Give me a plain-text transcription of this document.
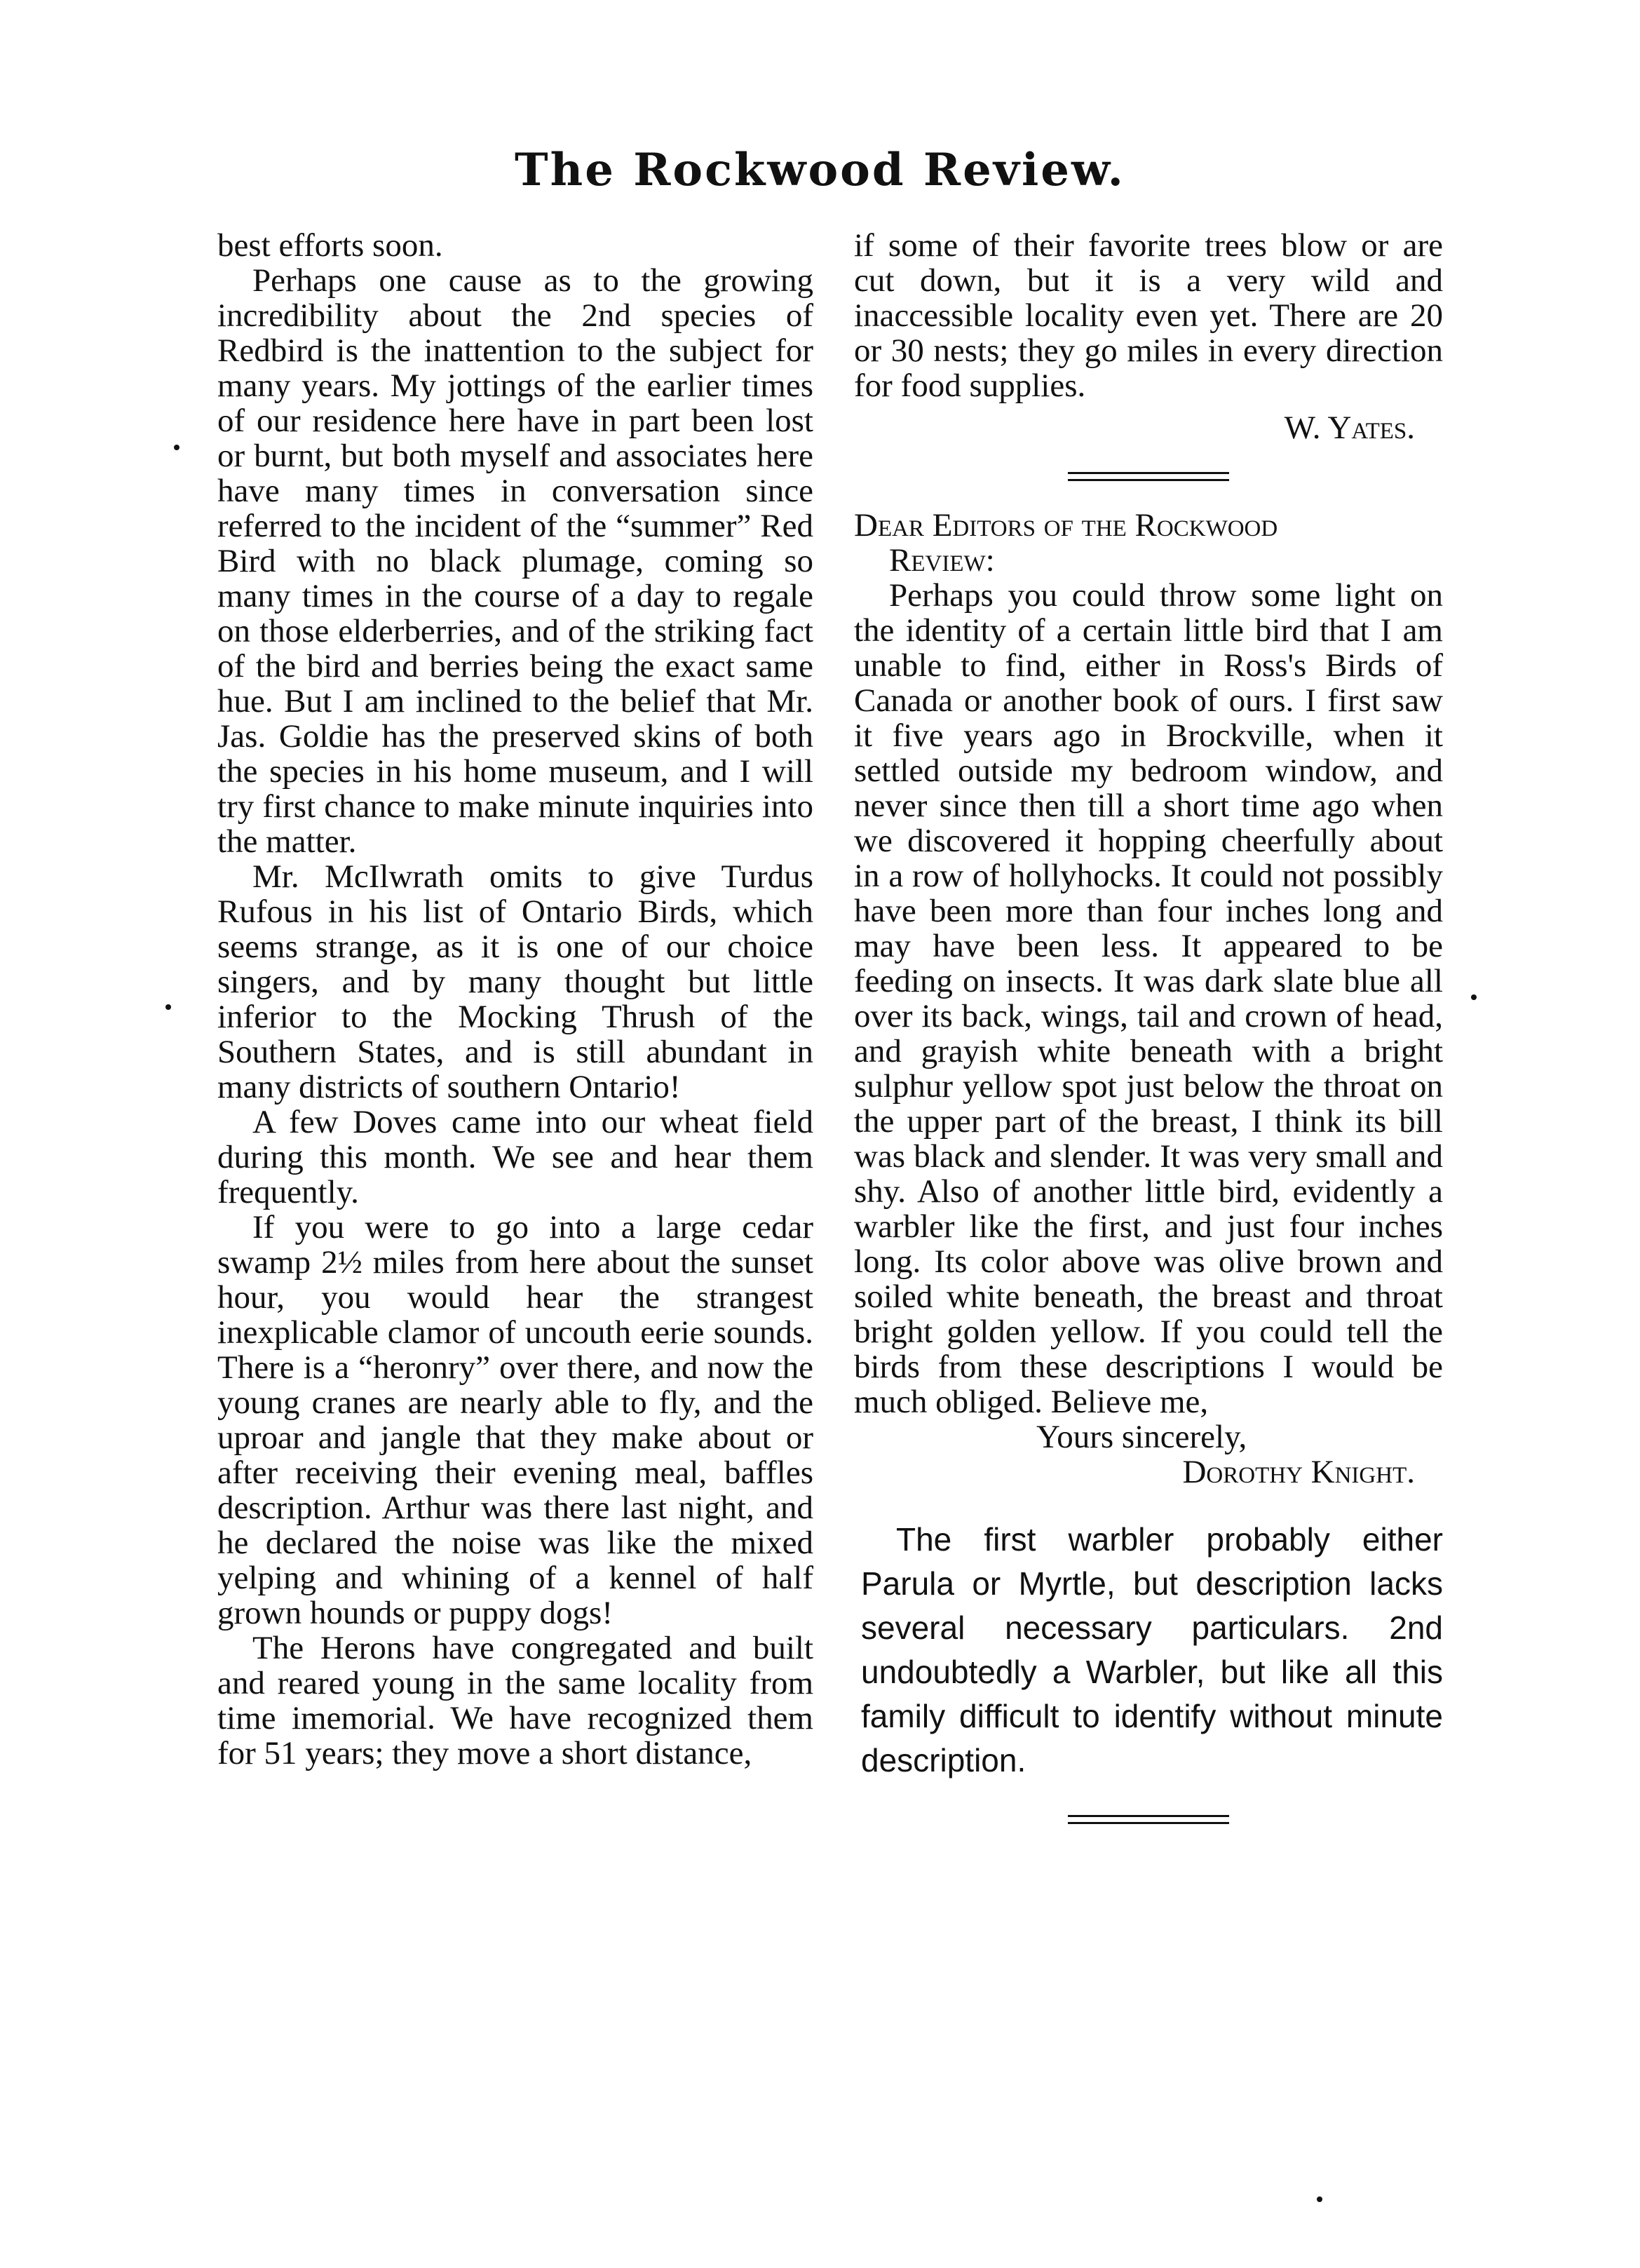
The Rockwood Review.

best efforts soon.

Perhaps one cause as to the growing incredibility about the 2nd species of Redbird is the inattention to the subject for many years. My jottings of the earlier times of our residence here have in part been lost or burnt, but both myself and associates here have many times in conversation since referred to the incident of the “summer” Red Bird with no black plumage, coming so many times in the course of a day to regale on those elderberries, and of the striking fact of the bird and berries being the exact same hue. But I am inclined to the belief that Mr. Jas. Goldie has the preserved skins of both the species in his home museum, and I will try first chance to make minute inquiries into the matter.

Mr. McIlwrath omits to give Turdus Rufous in his list of Ontario Birds, which seems strange, as it is one of our choice singers, and by many thought but little inferior to the Mocking Thrush of the Southern States, and is still abundant in many districts of southern Ontario!

A few Doves came into our wheat field during this month. We see and hear them frequently.

If you were to go into a large cedar swamp 2½ miles from here about the sunset hour, you would hear the strangest inexplicable clamor of uncouth eerie sounds. There is a “heronry” over there, and now the young cranes are nearly able to fly, and the uproar and jangle that they make about or after receiving their evening meal, baffles description. Arthur was there last night, and he declared the noise was like the mixed yelping and whining of a kennel of half grown hounds or puppy dogs!

The Herons have congregated and built and reared young in the same locality from time imemorial. We have recognized them for 51 years; they move a short distance,

if some of their favorite trees blow or are cut down, but it is a very wild and inaccessible locality even yet. There are 20 or 30 nests; they go miles in every direction for food supplies.

W. Yates.

Dear Editors of the Rockwood

Review:

Perhaps you could throw some light on the identity of a certain little bird that I am unable to find, either in Ross's Birds of Canada or another book of ours. I first saw it five years ago in Brockville, when it settled outside my bedroom window, and never since then till a short time ago when we discovered it hopping cheerfully about in a row of hollyhocks. It could not possibly have been more than four inches long and may have been less. It appeared to be feeding on insects. It was dark slate blue all over its back, wings, tail and crown of head, and grayish white beneath with a bright sulphur yellow spot just below the throat on the upper part of the breast, I think its bill was black and slender. It was very small and shy. Also of another little bird, evidently a warbler like the first, and just four inches long. Its color above was olive brown and soiled white beneath, the breast and throat bright golden yellow. If you could tell the birds from these descriptions I would be much obliged. Believe me,

Yours sincerely,

Dorothy Knight.

The first warbler probably either Parula or Myrtle, but description lacks several necessary particulars. 2nd undoubtedly a Warbler, but like all this family difficult to identify without minute description.
